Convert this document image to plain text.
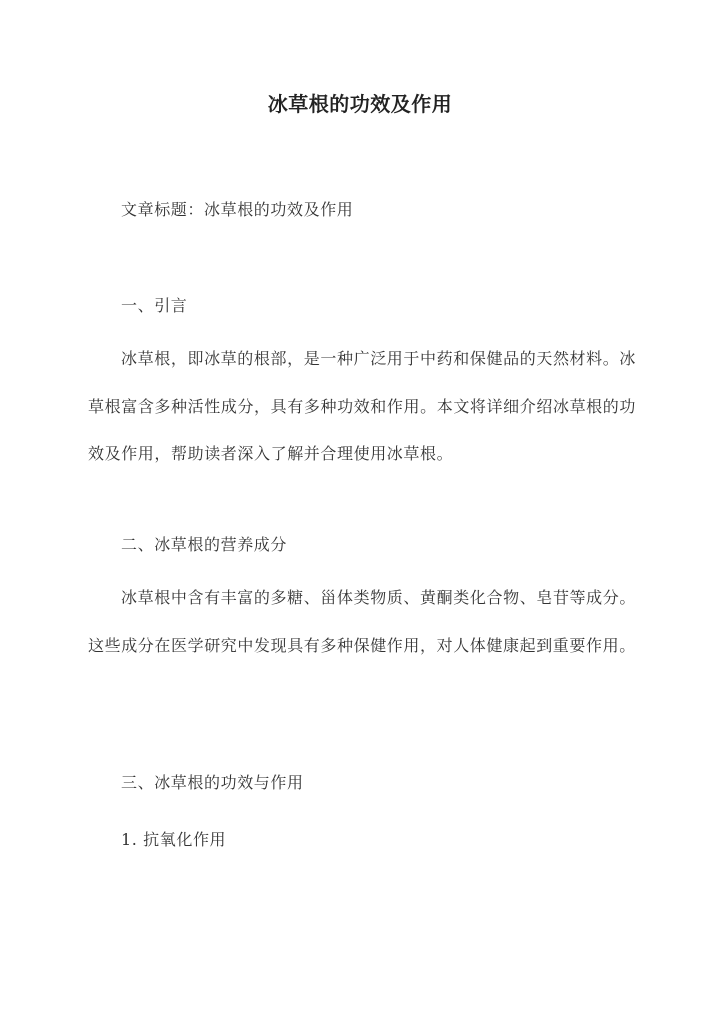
冰草根的功效及作用
文章标题：冰草根的功效及作用
一、引言
冰草根，即冰草的根部，是一种广泛用于中药和保健品的天然材料。冰草根富含多种活性成分，具有多种功效和作用。本文将详细介绍冰草根的功效及作用，帮助读者深入了解并合理使用冰草根。
二、冰草根的营养成分
冰草根中含有丰富的多糖、甾体类物质、黄酮类化合物、皂苷等成分。这些成分在医学研究中发现具有多种保健作用，对人体健康起到重要作用。
三、冰草根的功效与作用
1. 抗氧化作用
